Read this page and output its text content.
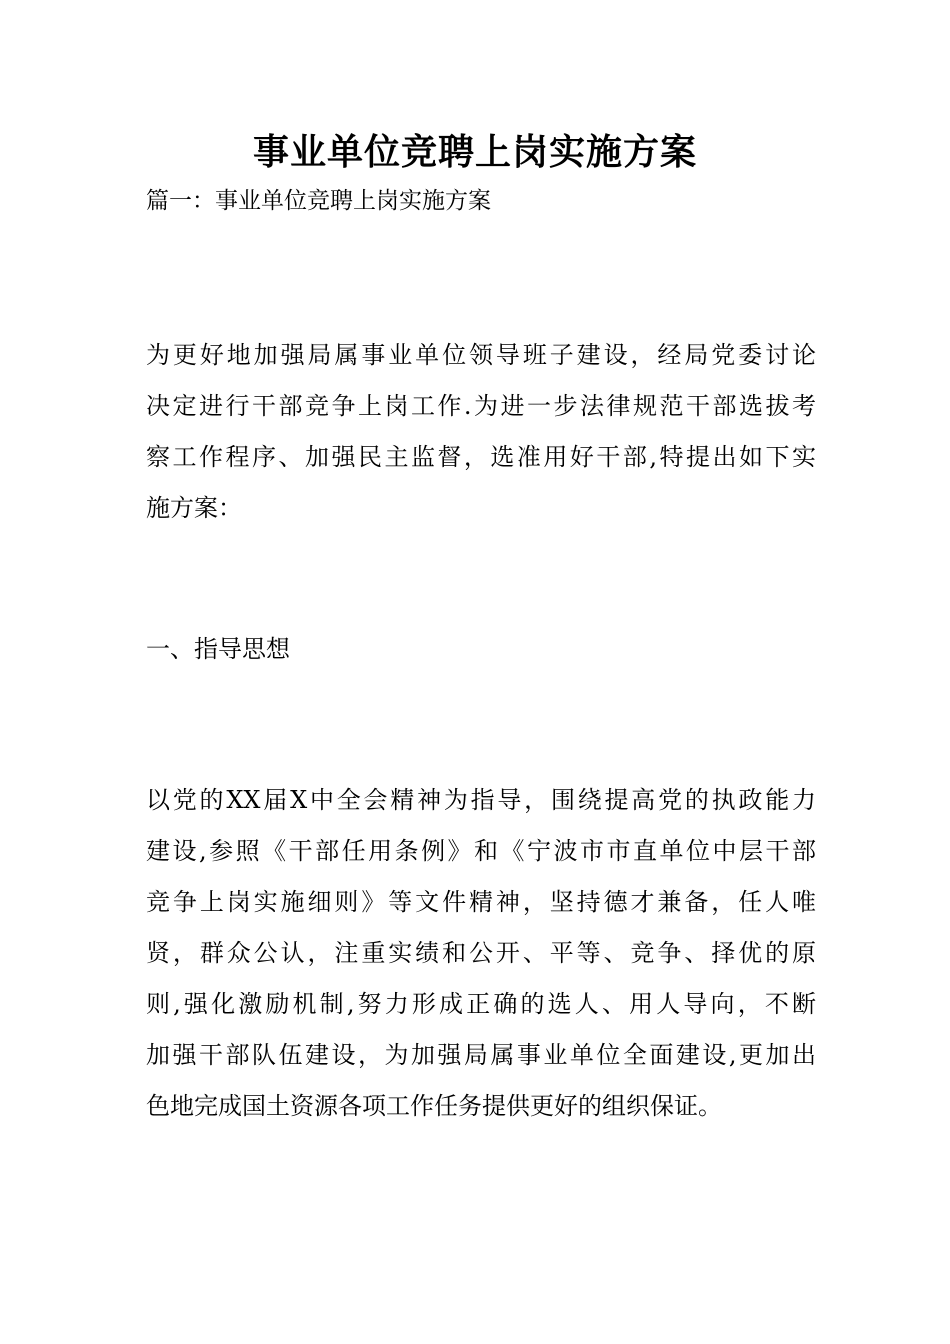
事业单位竞聘上岗实施方案
篇一：事业单位竞聘上岗实施方案
为更好地加强局属事业单位领导班子建设，经局党委讨论
决定进行干部竞争上岗工作.为进一步法律规范干部选拔考
察工作程序、加强民主监督，选准用好干部,特提出如下实
施方案：
一、指导思想
以党的XX届X中全会精神为指导，围绕提高党的执政能力
建设,参照《干部任用条例》和《宁波市市直单位中层干部
竞争上岗实施细则》等文件精神，坚持德才兼备，任人唯
贤，群众公认，注重实绩和公开、平等、竞争、择优的原
则,强化激励机制,努力形成正确的选人、用人导向，不断
加强干部队伍建设，为加强局属事业单位全面建设,更加出
色地完成国土资源各项工作任务提供更好的组织保证。
